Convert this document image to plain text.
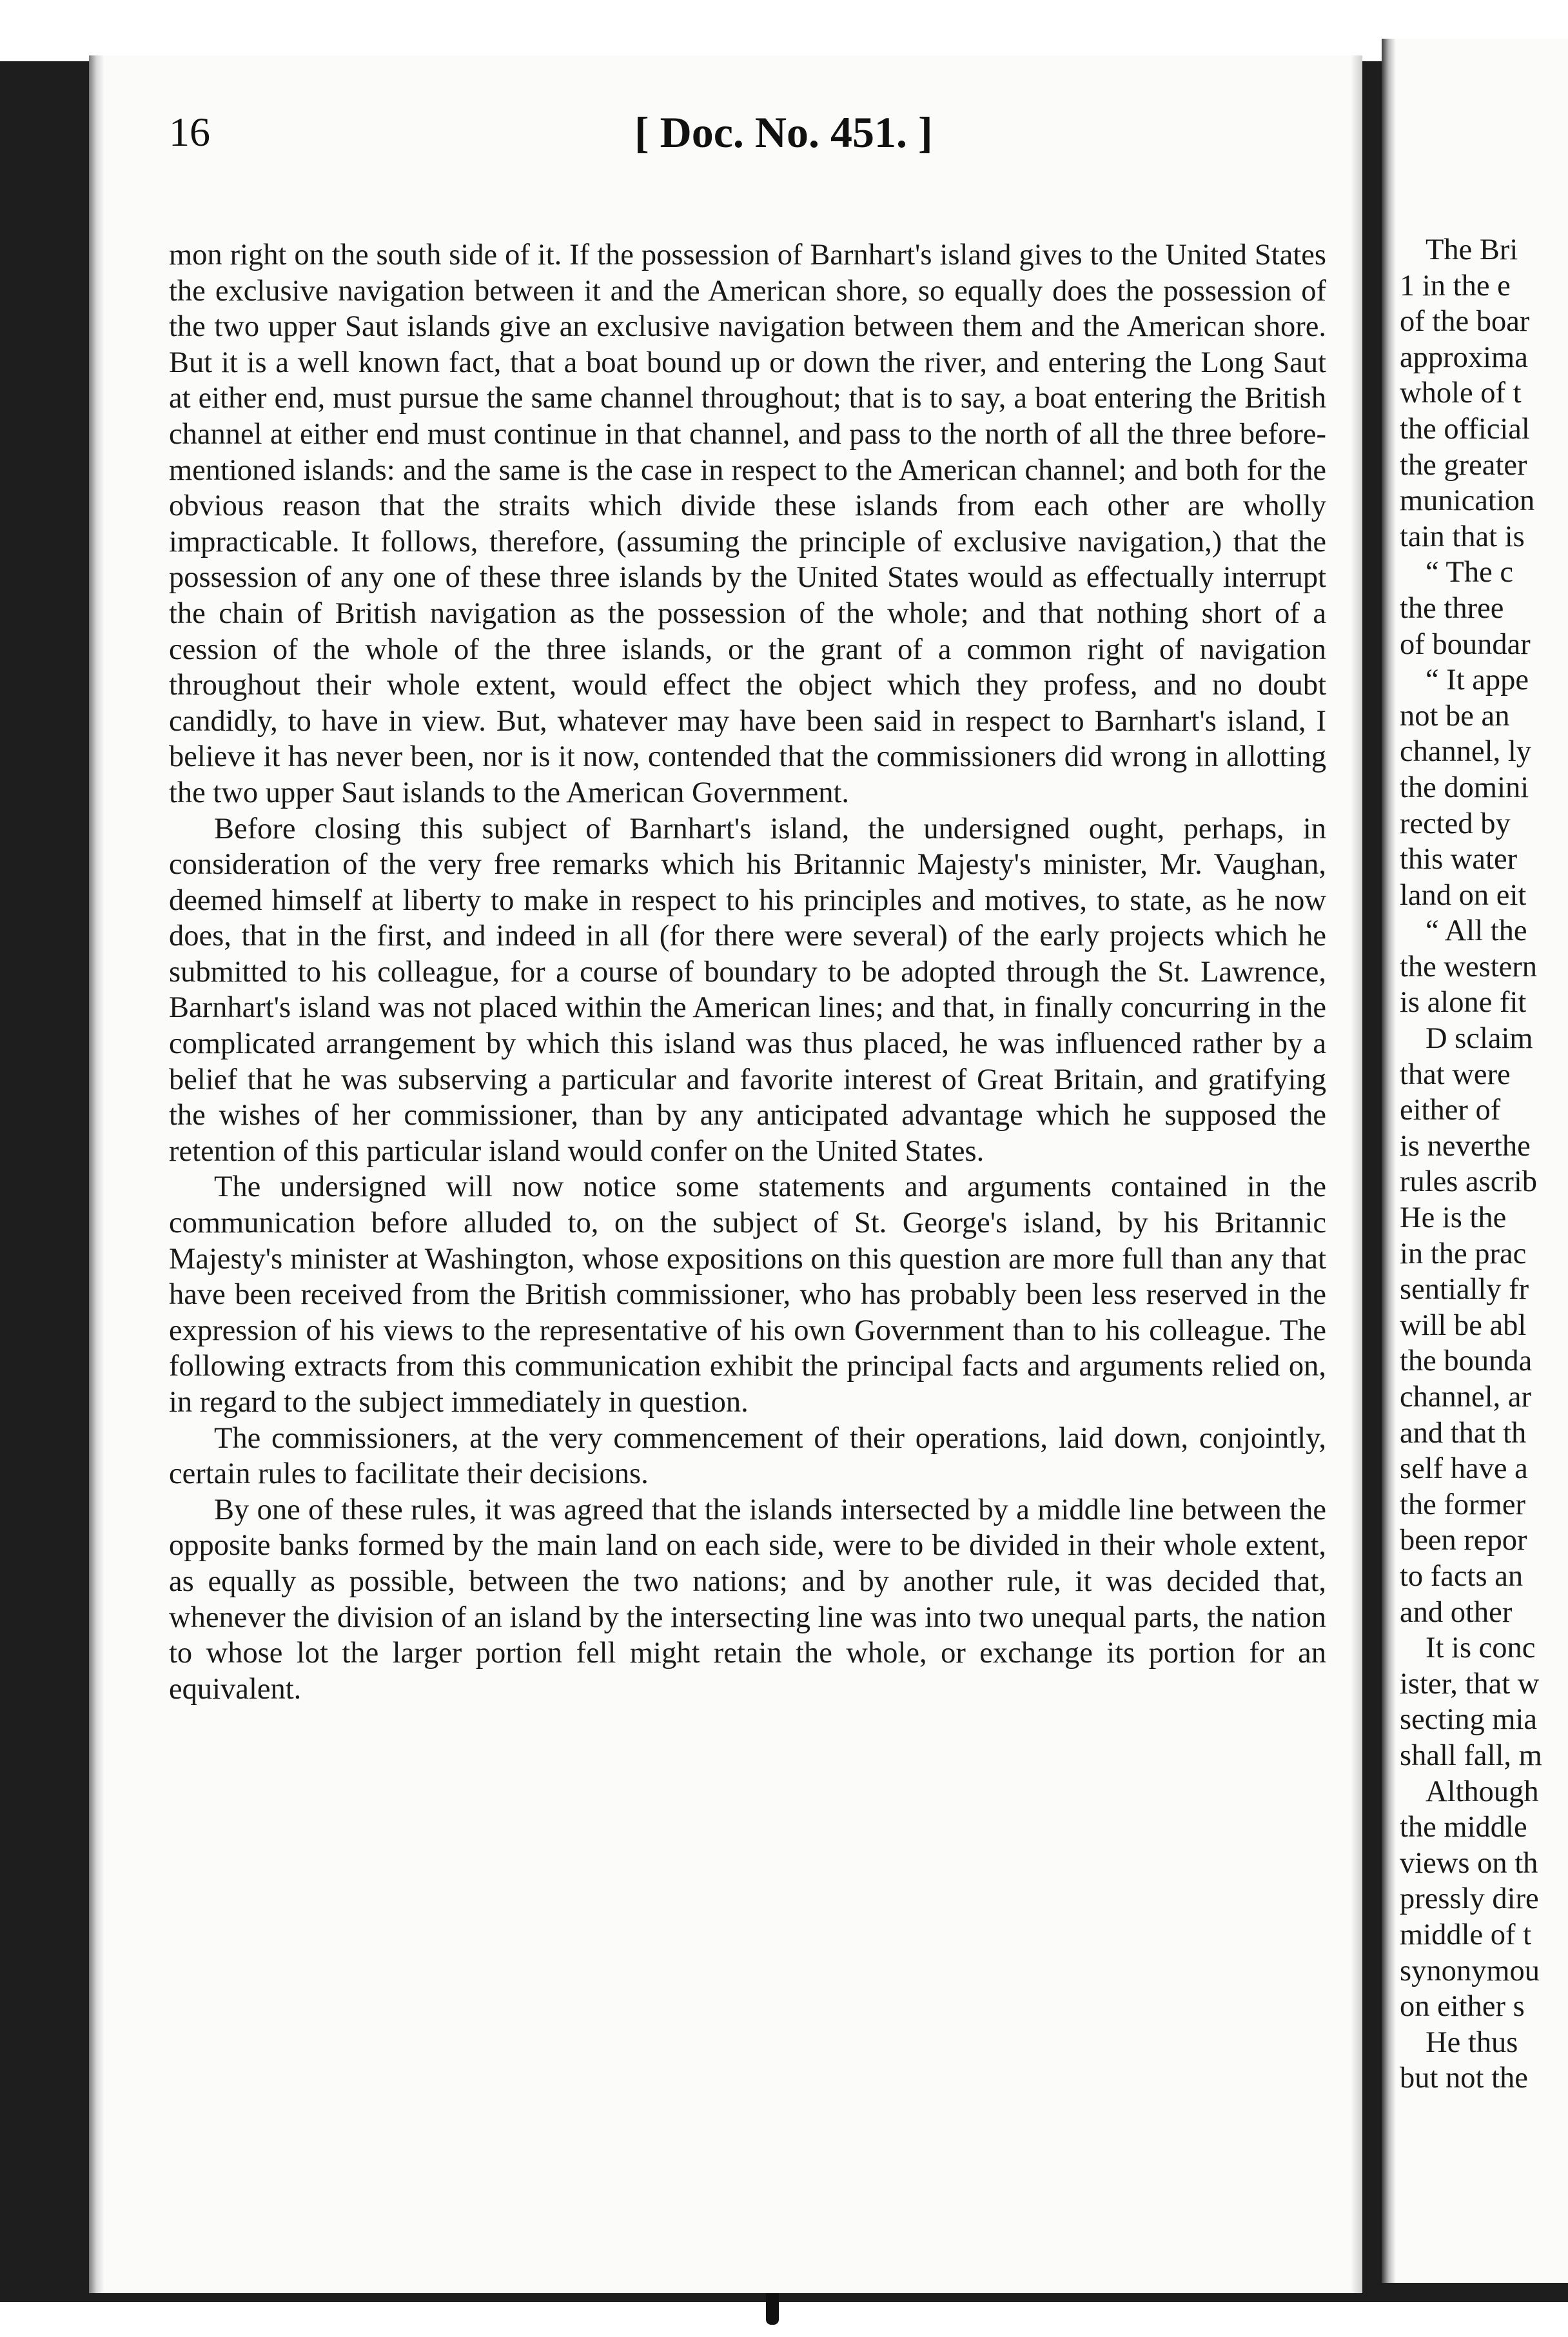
16	[ Doc. No. 451. ]

mon right on the south side of it. If the possession of Barnhart's island gives to the United States the exclusive navigation between it and the American shore, so equally does the possession of the two upper Saut islands give an exclusive navigation between them and the American shore. But it is a well known fact, that a boat bound up or down the river, and entering the Long Saut at either end, must pursue the same channel throughout; that is to say, a boat entering the British channel at either end must continue in that channel, and pass to the north of all the three before-mentioned islands: and the same is the case in respect to the American channel; and both for the obvious reason that the straits which divide these islands from each other are wholly impracticable. It follows, therefore, (assuming the principle of exclusive navigation,) that the possession of any one of these three islands by the United States would as effectually interrupt the chain of British navigation as the possession of the whole; and that nothing short of a cession of the whole of the three islands, or the grant of a common right of navigation throughout their whole extent, would effect the object which they profess, and no doubt candidly, to have in view. But, whatever may have been said in respect to Barnhart's island, I believe it has never been, nor is it now, contended that the commissioners did wrong in allotting the two upper Saut islands to the American Government.

Before closing this subject of Barnhart's island, the undersigned ought, perhaps, in consideration of the very free remarks which his Britannic Majesty's minister, Mr. Vaughan, deemed himself at liberty to make in respect to his principles and motives, to state, as he now does, that in the first, and indeed in all (for there were several) of the early projects which he submitted to his colleague, for a course of boundary to be adopted through the St. Lawrence, Barnhart's island was not placed within the American lines; and that, in finally concurring in the complicated arrangement by which this island was thus placed, he was influenced rather by a belief that he was subserving a particular and favorite interest of Great Britain, and gratifying the wishes of her commissioner, than by any anticipated advantage which he supposed the retention of this particular island would confer on the United States.

The undersigned will now notice some statements and arguments contained in the communication before alluded to, on the subject of St. George's island, by his Britannic Majesty's minister at Washington, whose expositions on this question are more full than any that have been received from the British commissioner, who has probably been less reserved in the expression of his views to the representative of his own Government than to his colleague. The following extracts from this communication exhibit the principal facts and arguments relied on, in regard to the subject immediately in question.

The commissioners, at the very commencement of their operations, laid down, conjointly, certain rules to facilitate their decisions.

By one of these rules, it was agreed that the islands intersected by a middle line between the opposite banks formed by the main land on each side, were to be divided in their whole extent, as equally as possible, between the two nations; and by another rule, it was decided that, whenever the division of an island by the intersecting line was into two unequal parts, the nation to whose lot the larger portion fell might retain the whole, or exchange its portion for an equivalent.

The Bri
1 in the e
of the boar
approxima
whole of t
the official
the greater
munication
tain that is
“ The c
the three
of boundar
“ It appe
not be an
channel, ly
the domini
rected by
this water
land on eit
“ All the
the western
is alone fit
D sclaim
that were
either of
is neverthe
rules ascrib
He is the
in the prac
sentially fr
will be abl
the bounda
channel, ar
and that th
self have a
the former
been repor
to facts an
and other
It is conc
ister, that w
secting mia
shall fall, m
Although
the middle
views on th
pressly dire
middle of t
synonymou
on either s
He thus
but not the
